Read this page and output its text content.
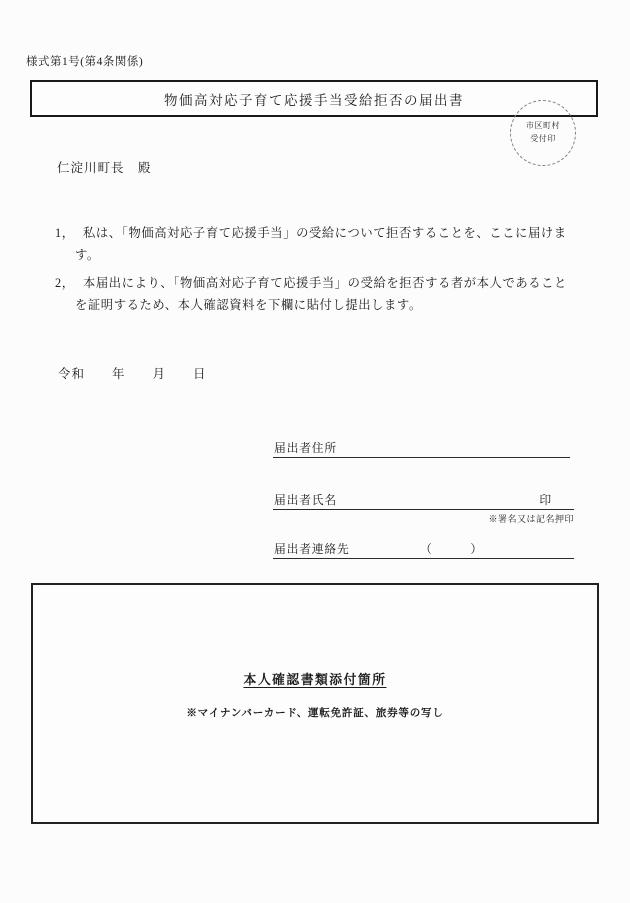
様式第1号(第4条関係)
物価高対応子育て応援手当受給拒否の届出書
市区町村
受付印
仁淀川町長　殿
1， 私は、「物価高対応子育て応援手当」の受給について拒否することを、ここに届けます。
2， 本届出により、「物価高対応子育て応援手当」の受給を拒否する者が本人であることを証明するため、本人確認資料を下欄に貼付し提出します。
令和　　年　　月　　日
届出者住所
届出者氏名	印
※署名又は記名押印
届出者連絡先	（　　　）
本人確認書類添付箇所
※マイナンバーカード、運転免許証、旅券等の写し
